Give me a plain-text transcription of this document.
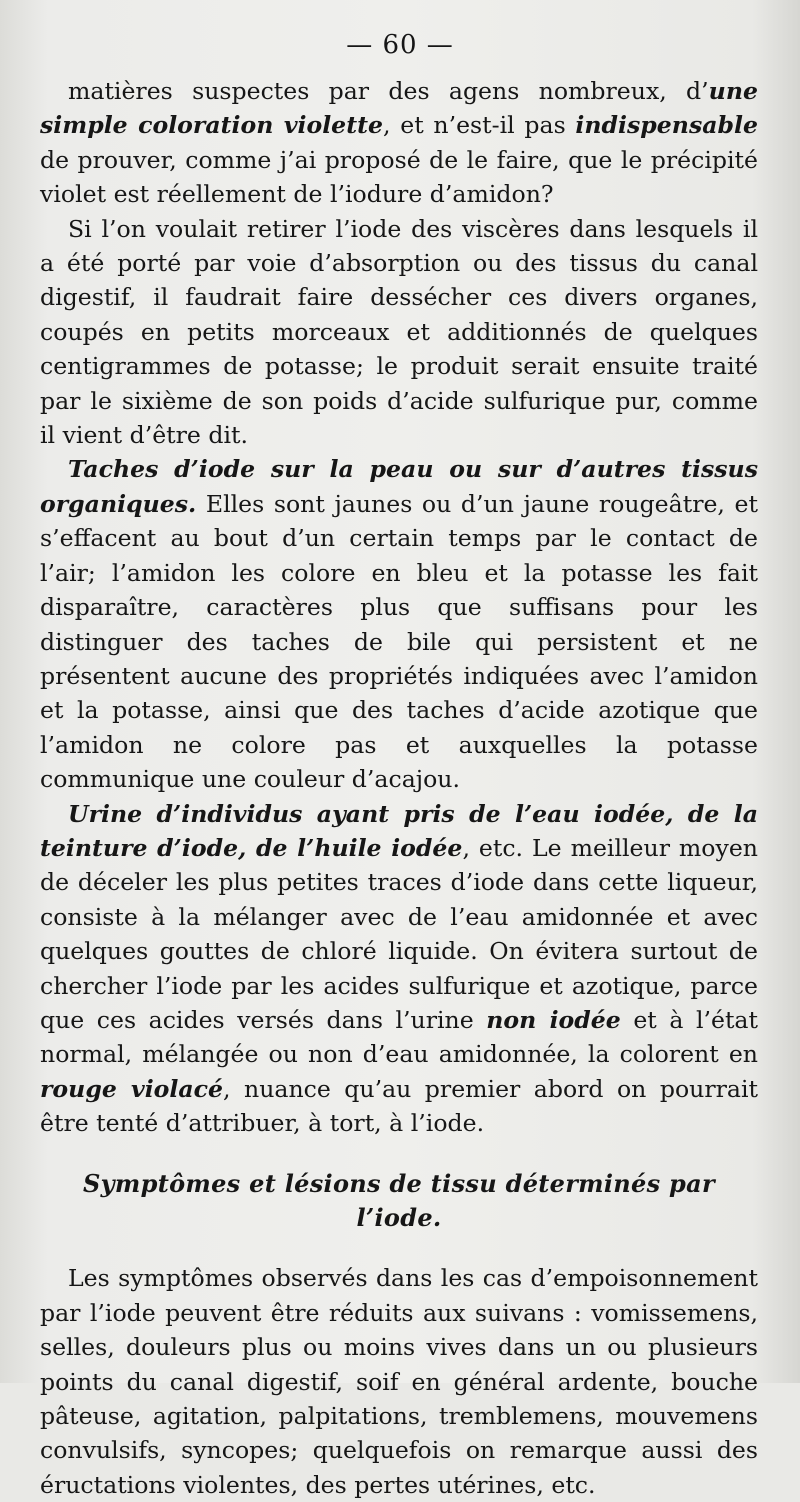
— 60 —

matières suspectes par des agens nombreux, d’une simple coloration violette, et n’est-il pas indispensable de prouver, comme j’ai proposé de le faire, que le précipité violet est réellement de l’iodure d’amidon?

Si l’on voulait retirer l’iode des viscères dans lesquels il a été porté par voie d’absorption ou des tissus du canal digestif, il faudrait faire dessécher ces divers organes, coupés en petits morceaux et additionnés de quelques centigrammes de potasse; le produit serait ensuite traité par le sixième de son poids d’acide sulfurique pur, comme il vient d’être dit.

Taches d’iode sur la peau ou sur d’autres tissus organiques. Elles sont jaunes ou d’un jaune rougeâtre, et s’effacent au bout d’un certain temps par le contact de l’air; l’amidon les colore en bleu et la potasse les fait disparaître, caractères plus que suffisans pour les distinguer des taches de bile qui persistent et ne présentent aucune des propriétés indiquées avec l’amidon et la potasse, ainsi que des taches d’acide azotique que l’amidon ne colore pas et auxquelles la potasse communique une couleur d’acajou.

Urine d’individus ayant pris de l’eau iodée, de la teinture d’iode, de l’huile iodée, etc. Le meilleur moyen de déceler les plus petites traces d’iode dans cette liqueur, consiste à la mélanger avec de l’eau amidonnée et avec quelques gouttes de chloré liquide. On évitera surtout de chercher l’iode par les acides sulfurique et azotique, parce que ces acides versés dans l’urine non iodée et à l’état normal, mélangée ou non d’eau amidonnée, la colorent en rouge violacé, nuance qu’au premier abord on pourrait être tenté d’attribuer, à tort, à l’iode.

Symptômes et lésions de tissu déterminés par l’iode.

Les symptômes observés dans les cas d’empoisonnement par l’iode peuvent être réduits aux suivans : vomissemens, selles, douleurs plus ou moins vives dans un ou plusieurs points du canal digestif, soif en général ardente, bouche pâteuse, agitation, palpitations, tremblemens, mouvemens convulsifs, syncopes; quelquefois on remarque aussi des éructations violentes, des pertes utérines, etc.
